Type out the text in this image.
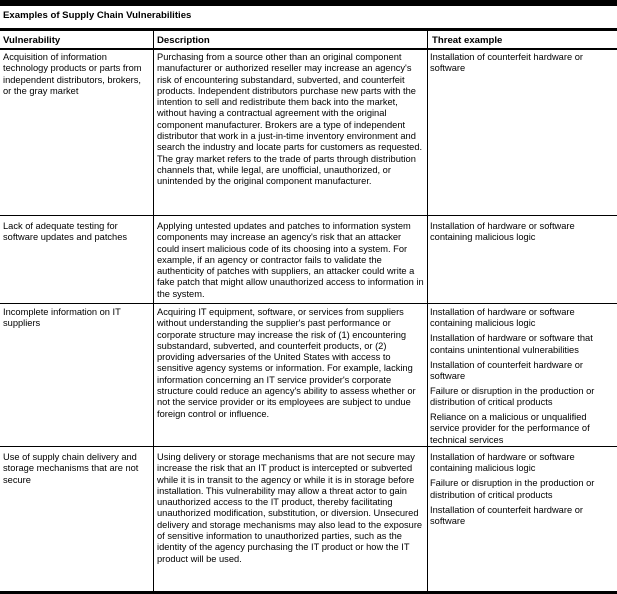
Examples of Supply Chain Vulnerabilities
Vulnerability	Description	Threat example

Acquisition of information technology products or parts from independent distributors, brokers, or the gray market

Purchasing from a source other than an original component manufacturer or authorized reseller may increase an agency's risk of encountering substandard, subverted, and counterfeit products. Independent distributors purchase new parts with the intention to sell and redistribute them back into the market, without having a contractual agreement with the original component manufacturer. Brokers are a type of independent distributor that work in a just-in-time inventory environment and search the industry and locate parts for customers as requested. The gray market refers to the trade of parts through distribution channels that, while legal, are unofficial, unauthorized, or unintended by the original component manufacturer.

Installation of counterfeit hardware or software

Lack of adequate testing for software updates and patches

Applying untested updates and patches to information system components may increase an agency's risk that an attacker could insert malicious code of its choosing into a system. For example, if an agency or contractor fails to validate the authenticity of patches with suppliers, an attacker could write a fake patch that might allow unauthorized access to information in the system.

Installation of hardware or software containing malicious logic

Incomplete information on IT suppliers

Acquiring IT equipment, software, or services from suppliers without understanding the supplier's past performance or corporate structure may increase the risk of (1) encountering substandard, subverted, and counterfeit products, or (2) providing adversaries of the United States with access to sensitive agency systems or information. For example, lacking information concerning an IT service provider's corporate structure could reduce an agency's ability to assess whether or not the service provider or its employees are subject to undue foreign control or influence.

Installation of hardware or software containing malicious logic

Installation of hardware or software that contains unintentional vulnerabilities

Installation of counterfeit hardware or software

Failure or disruption in the production or distribution of critical products

Reliance on a malicious or unqualified service provider for the performance of technical services

Use of supply chain delivery and storage mechanisms that are not secure

Using delivery or storage mechanisms that are not secure may increase the risk that an IT product is intercepted or subverted while it is in transit to the agency or while it is in storage before installation. This vulnerability may allow a threat actor to gain unauthorized access to the IT product, thereby facilitating unauthorized modification, substitution, or diversion. Unsecured delivery and storage mechanisms may also lead to the exposure of sensitive information to unauthorized parties, such as the identity of the agency purchasing the IT product or how the IT product will be used.

Installation of hardware or software containing malicious logic

Failure or disruption in the production or distribution of critical products

Installation of counterfeit hardware or software
